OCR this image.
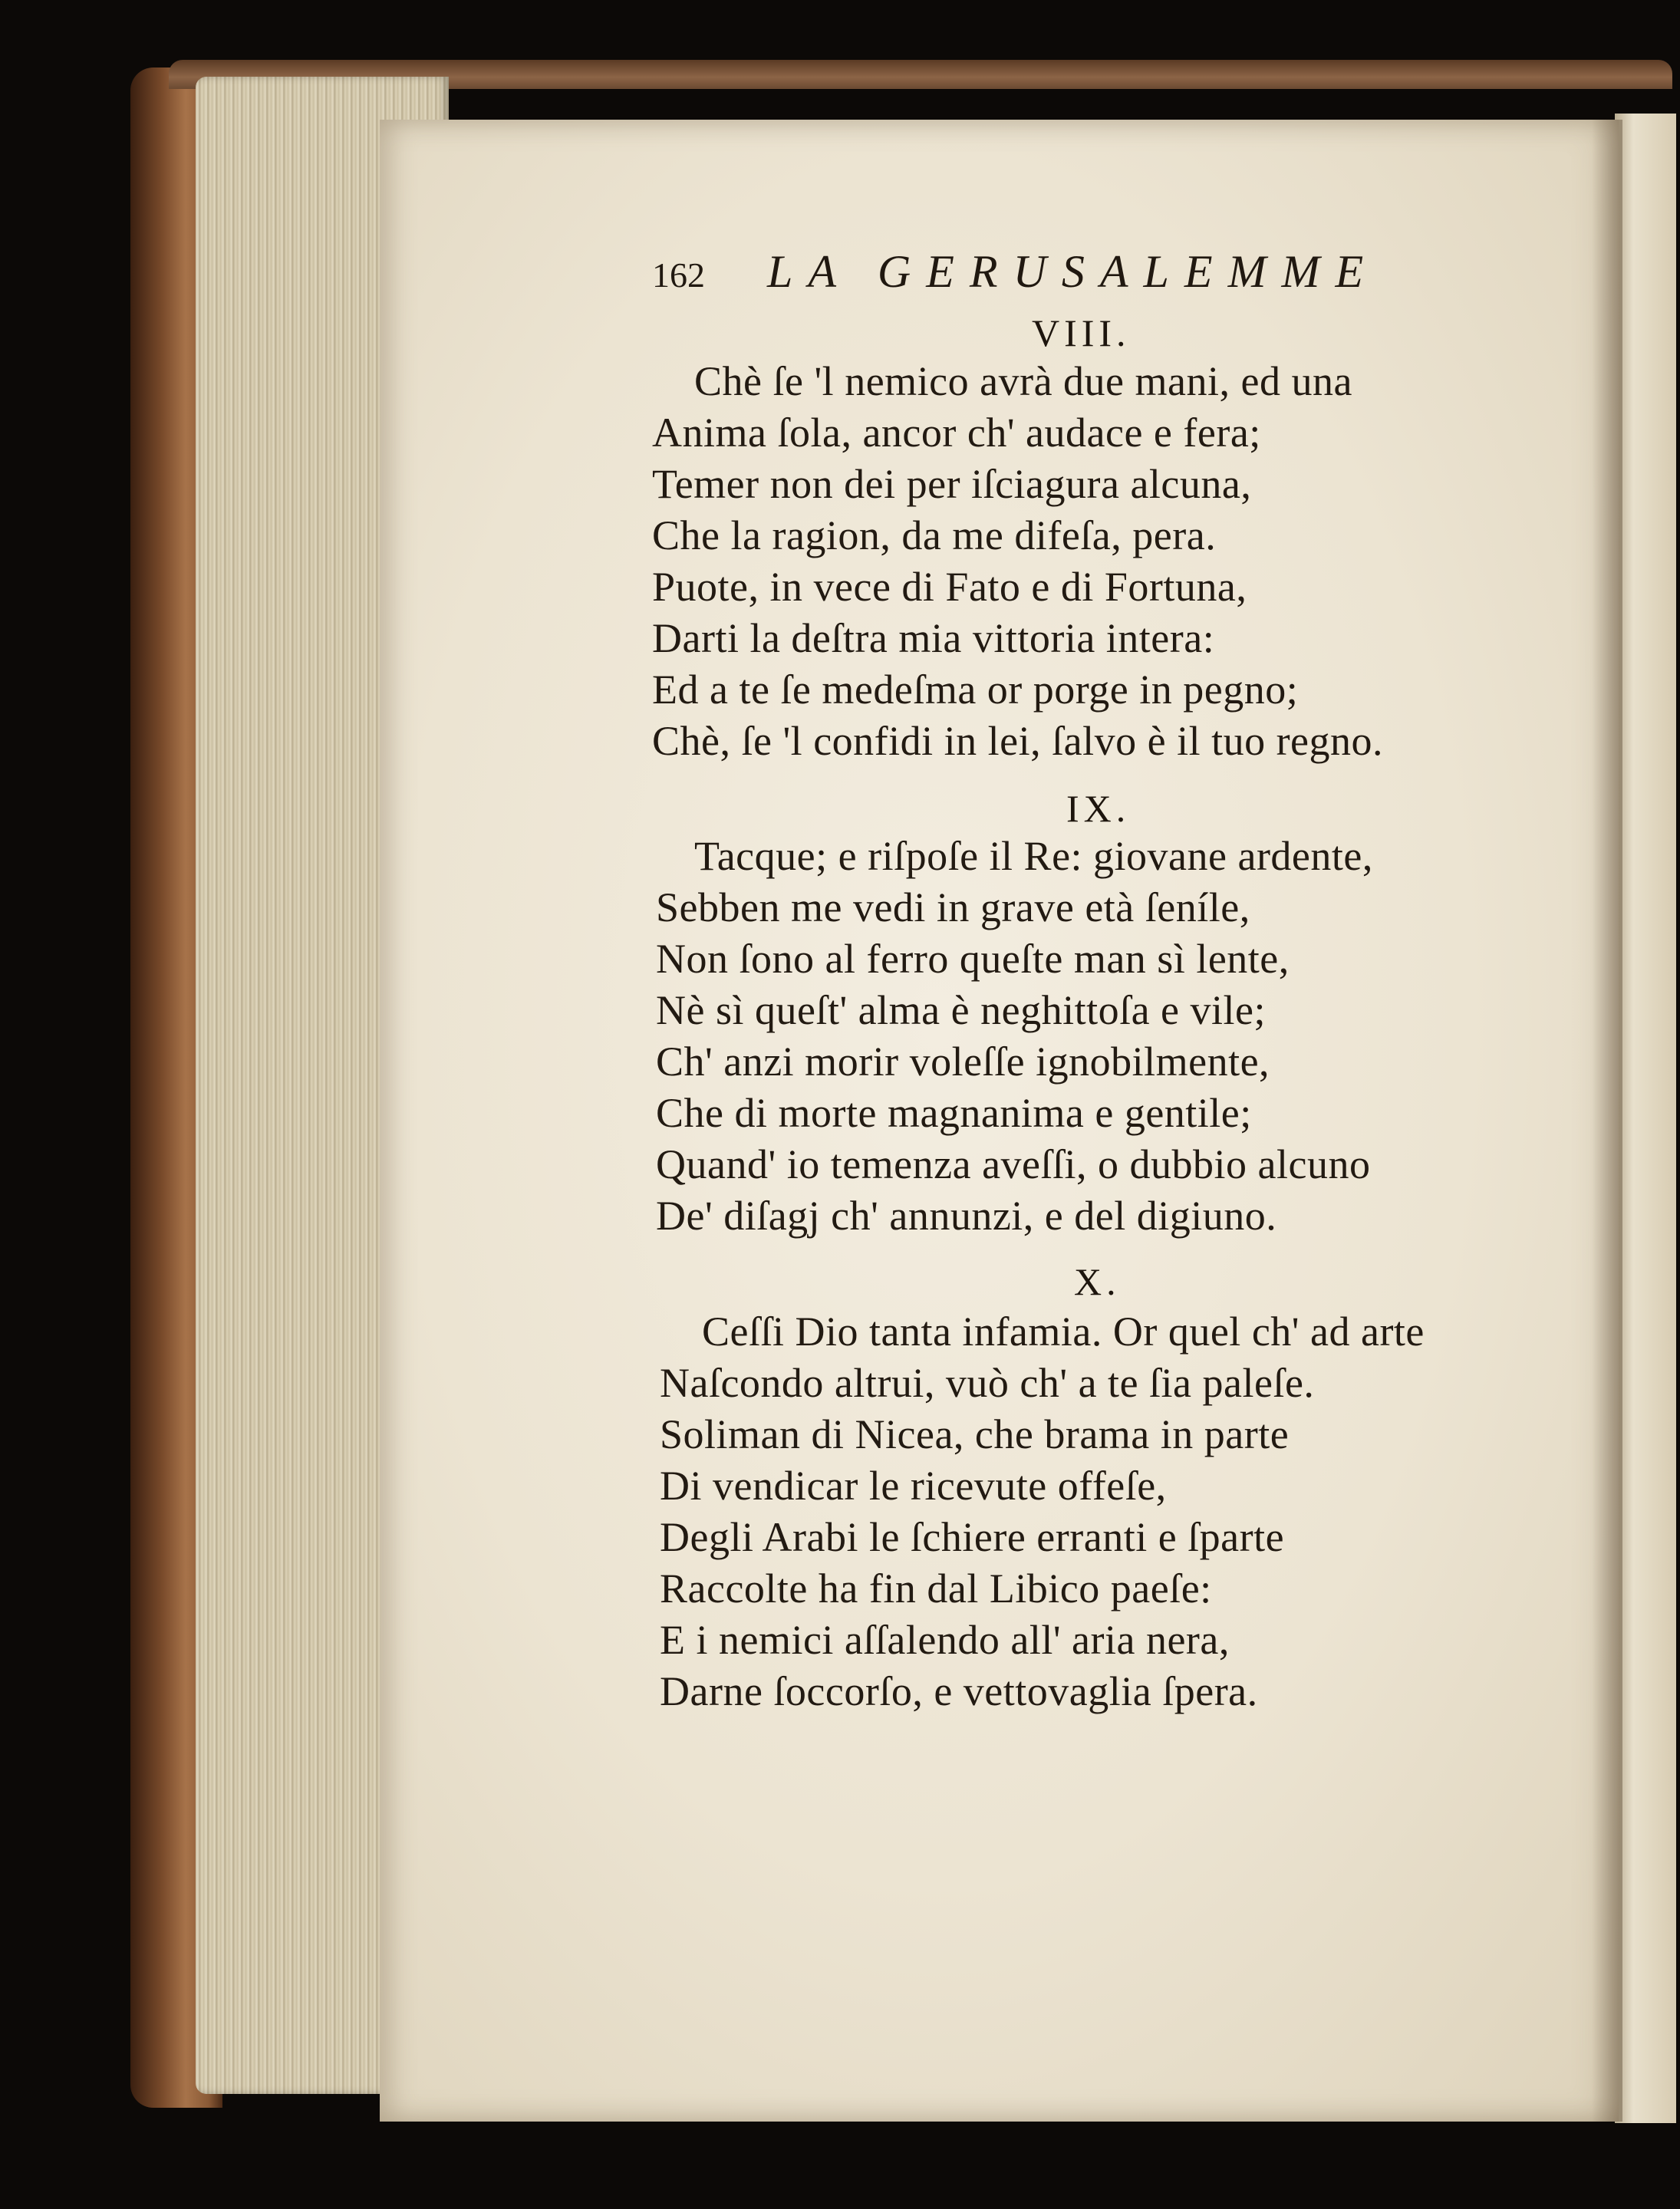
162 LA GERUSALEMME
VIII.
Chè ſe 'l nemico avrà due mani, ed una
Anima ſola, ancor ch' audace e fera;
Temer non dei per iſciagura alcuna,
Che la ragion, da me difeſa, pera.
Puote, in vece di Fato e di Fortuna,
Darti la deſtra mia vittoria intera:
Ed a te ſe medeſma or porge in pegno;
Chè, ſe 'l confidi in lei, ſalvo è il tuo regno.
IX.
Tacque; e riſpoſe il Re: giovane ardente,
Sebben me vedi in grave età ſeníle,
Non ſono al ferro queſte man sì lente,
Nè sì queſt' alma è neghittoſa e vile;
Ch' anzi morir voleſſe ignobilmente,
Che di morte magnanima e gentile;
Quand' io temenza aveſſi, o dubbio alcuno
De' diſagj ch' annunzi, e del digiuno.
X.
Ceſſi Dio tanta infamia. Or quel ch' ad arte
Naſcondo altrui, vuò ch' a te ſia paleſe.
Soliman di Nicea, che brama in parte
Di vendicar le ricevute offeſe,
Degli Arabi le ſchiere erranti e ſparte
Raccolte ha fin dal Libico paeſe:
E i nemici aſſalendo all' aria nera,
Darne ſoccorſo, e vettovaglia ſpera.
